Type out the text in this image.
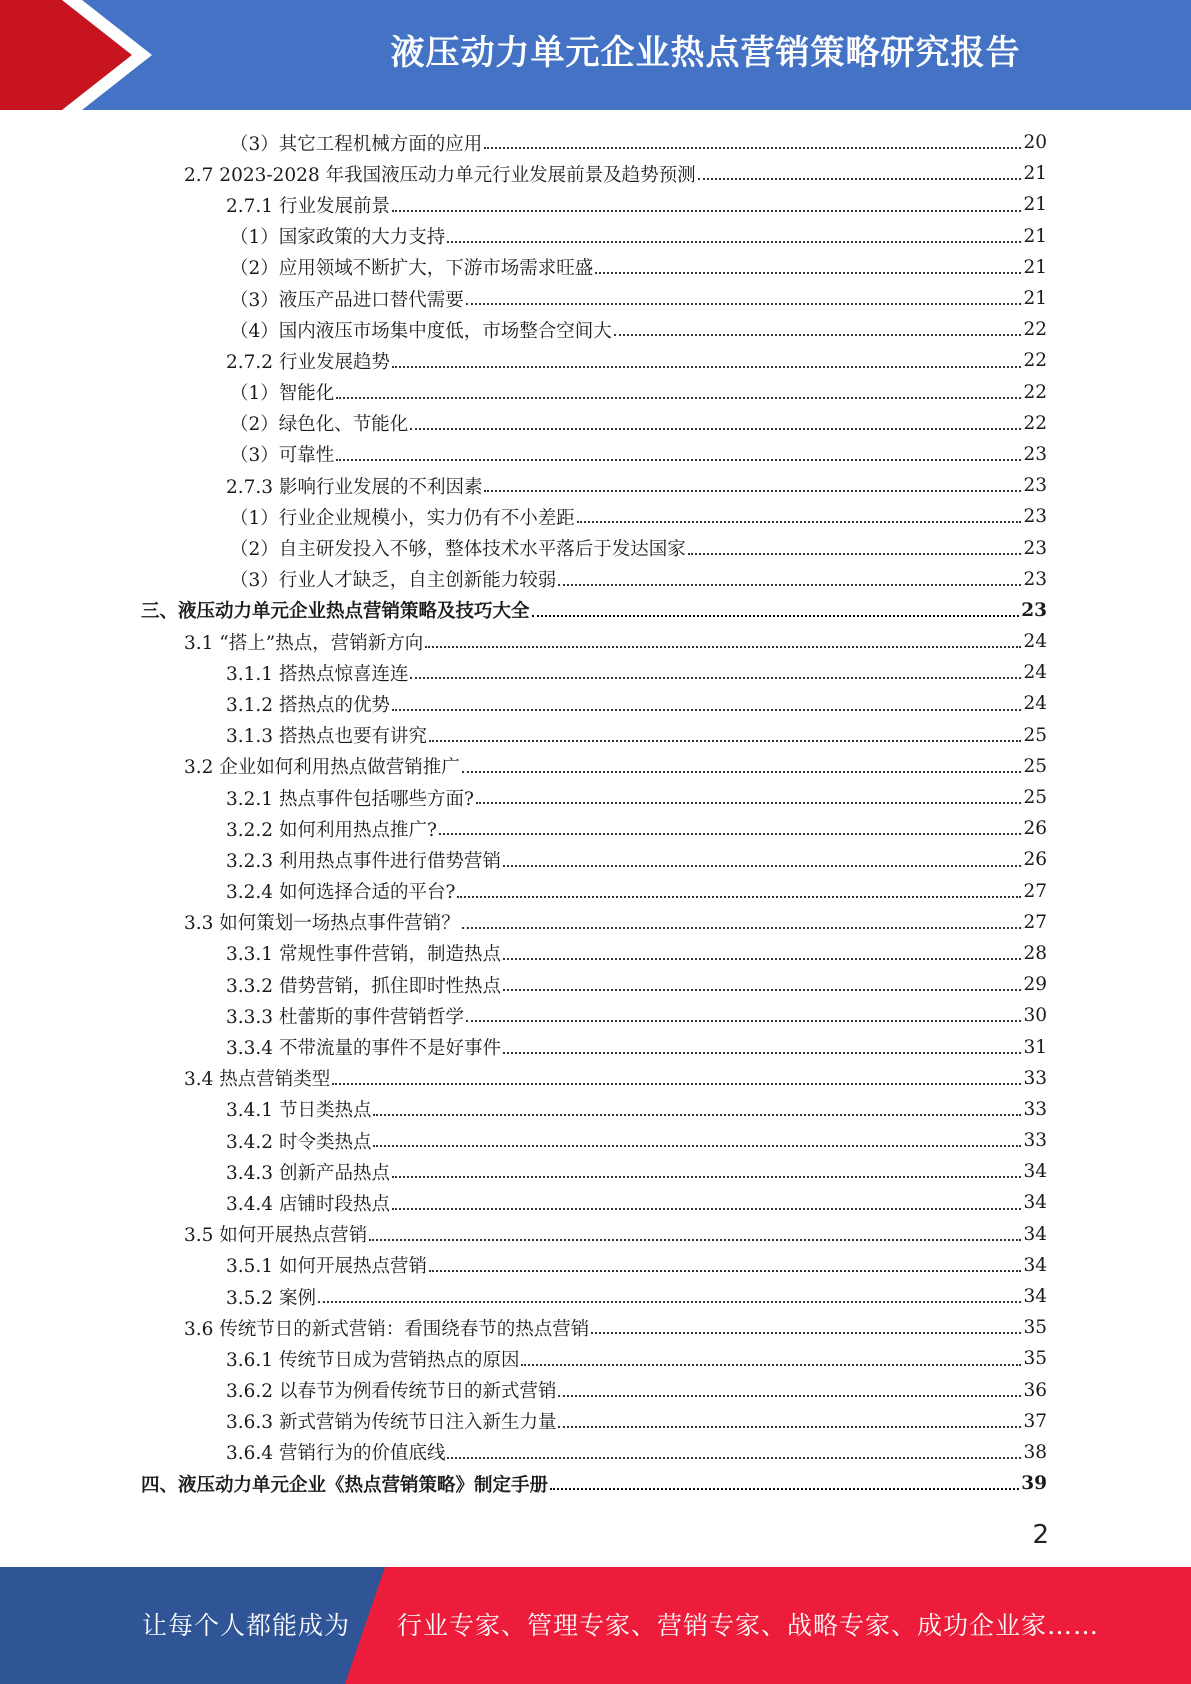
液压动力单元企业热点营销策略研究报告
（3）其它工程机械方面的应用	20
2.7 2023-2028 年我国液压动力单元行业发展前景及趋势预测	21
2.7.1 行业发展前景	21
（1）国家政策的大力支持	21
（2）应用领域不断扩大，下游市场需求旺盛	21
（3）液压产品进口替代需要	21
（4）国内液压市场集中度低，市场整合空间大	22
2.7.2 行业发展趋势	22
（1）智能化	22
（2）绿色化、节能化	22
（3）可靠性	23
2.7.3 影响行业发展的不利因素	23
（1）行业企业规模小，实力仍有不小差距	23
（2）自主研发投入不够，整体技术水平落后于发达国家	23
（3）行业人才缺乏，自主创新能力较弱	23
三、液压动力单元企业热点营销策略及技巧大全	23
3.1 “搭上”热点，营销新方向	24
3.1.1 搭热点惊喜连连	24
3.1.2 搭热点的优势	24
3.1.3 搭热点也要有讲究	25
3.2 企业如何利用热点做营销推广	25
3.2.1 热点事件包括哪些方面?	25
3.2.2 如何利用热点推广?	26
3.2.3 利用热点事件进行借势营销	26
3.2.4 如何选择合适的平台?	27
3.3 如何策划一场热点事件营销？	27
3.3.1 常规性事件营销，制造热点	28
3.3.2 借势营销，抓住即时性热点	29
3.3.3 杜蕾斯的事件营销哲学	30
3.3.4 不带流量的事件不是好事件	31
3.4 热点营销类型	33
3.4.1 节日类热点	33
3.4.2 时令类热点	33
3.4.3 创新产品热点	34
3.4.4 店铺时段热点	34
3.5 如何开展热点营销	34
3.5.1 如何开展热点营销	34
3.5.2 案例	34
3.6 传统节日的新式营销：看围绕春节的热点营销	35
3.6.1 传统节日成为营销热点的原因	35
3.6.2 以春节为例看传统节日的新式营销	36
3.6.3 新式营销为传统节日注入新生力量	37
3.6.4 营销行为的价值底线	38
四、液压动力单元企业《热点营销策略》制定手册	39
2
让每个人都能成为 行业专家、管理专家、营销专家、战略专家、成功企业家……
